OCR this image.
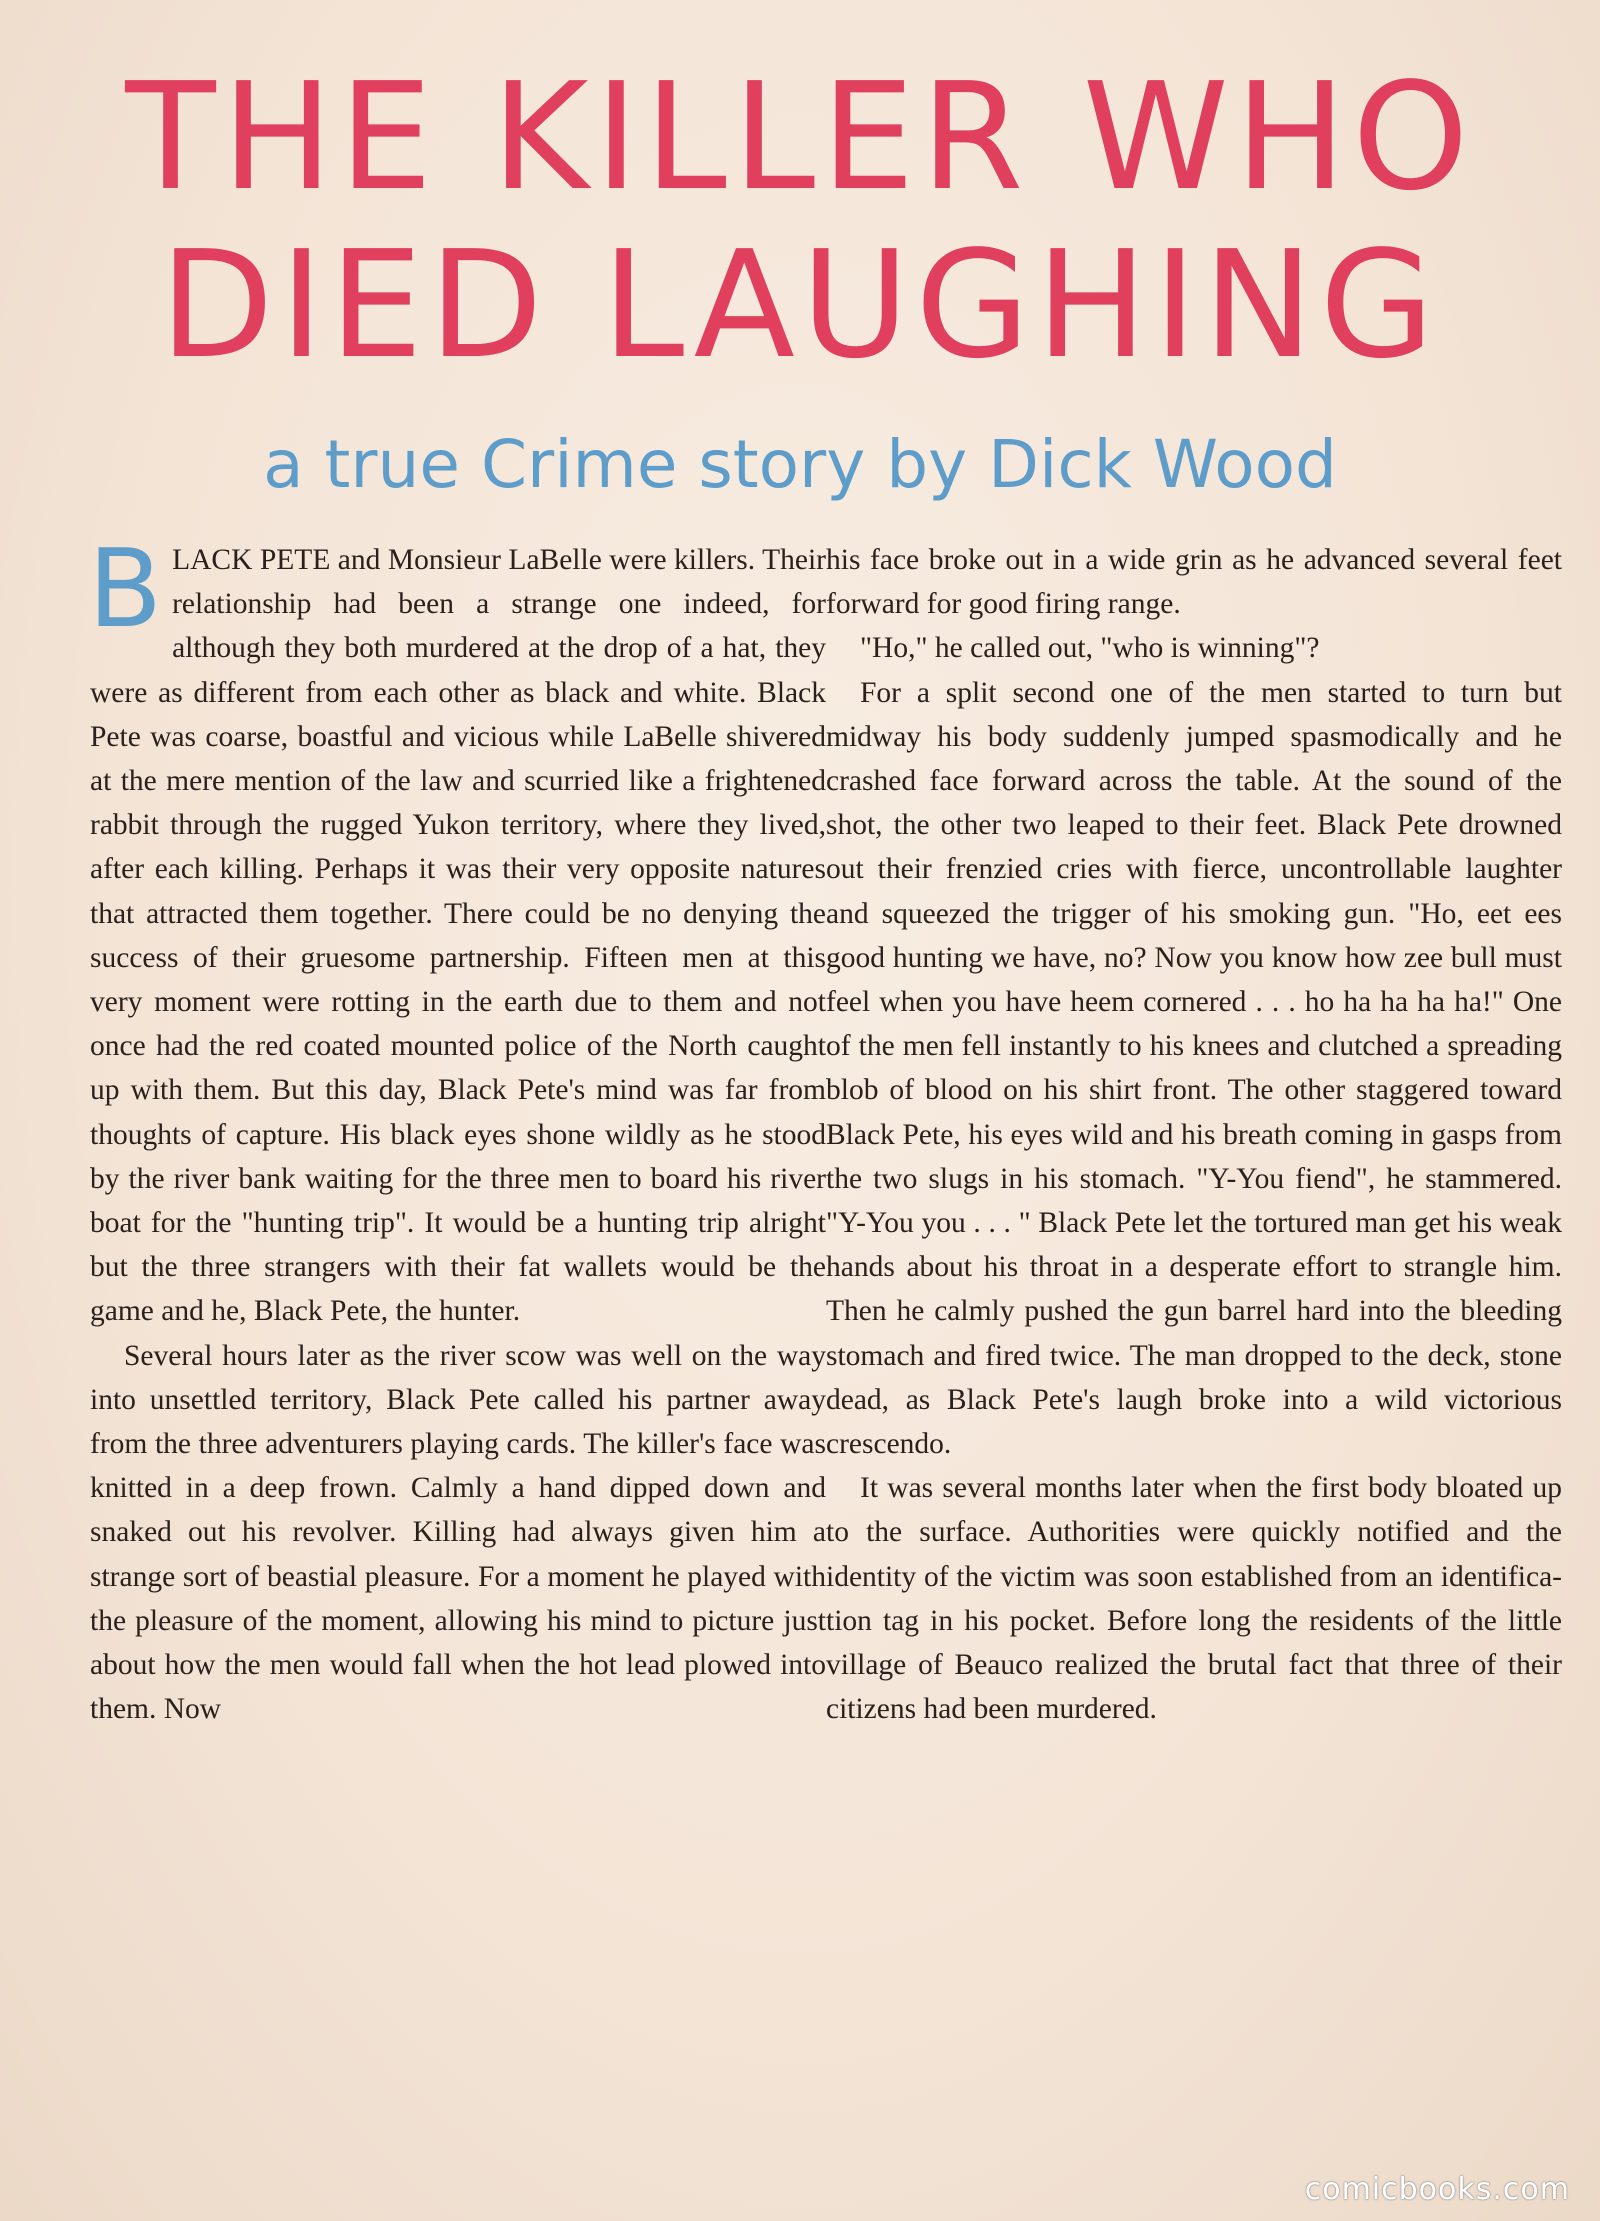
THE KILLER WHO
DIED LAUGHING
a true Crime story by Dick Wood

BLACK PETE and Monsieur LaBelle were killers. Their relationship had been a strange one indeed, for although they both murdered at the drop of a hat, they were as different from each other as black and white. Black Pete was coarse, boastful and vicious while LaBelle shivered at the mere mention of the law and scurried like a frightened rabbit through the rugged Yukon territory, where they lived, after each killing. Perhaps it was their very opposite natures that attracted them together. There could be no denying the success of their gruesome partnership. Fifteen men at this very moment were rotting in the earth due to them and not once had the red coated mounted police of the North caught up with them. But this day, Black Pete's mind was far from thoughts of capture. His black eyes shone wildly as he stood by the river bank waiting for the three men to board his river boat for the "hunting trip". It would be a hunting trip alright but the three strangers with their fat wallets would be the game and he, Black Pete, the hunter.

Several hours later as the river scow was well on the way into unsettled territory, Black Pete called his partner away from the three adventurers playing cards. The killer's face was knitted in a deep frown. Calmly a hand dipped down and snaked out his revolver. Killing had always given him a strange sort of beastial pleasure. For a moment he played with the pleasure of the moment, allowing his mind to picture just about how the men would fall when the hot lead plowed into them. Now

his face broke out in a wide grin as he advanced several feet forward for good firing range.

"Ho," he called out, "who is winning"?

For a split second one of the men started to turn but midway his body suddenly jumped spasmodically and he crashed face forward across the table. At the sound of the shot, the other two leaped to their feet. Black Pete drowned out their frenzied cries with fierce, uncontrollable laughter and squeezed the trigger of his smoking gun. "Ho, eet ees good hunting we have, no? Now you know how zee bull must feel when you have heem cornered . . . ho ha ha ha ha!" One of the men fell instantly to his knees and clutched a spreading blob of blood on his shirt front. The other staggered toward Black Pete, his eyes wild and his breath coming in gasps from the two slugs in his stomach. "Y-You fiend", he stammered. "Y-You you . . . " Black Pete let the tortured man get his weak hands about his throat in a desperate effort to strangle him. Then he calmly pushed the gun barrel hard into the bleeding stomach and fired twice. The man dropped to the deck, stone dead, as Black Pete's laugh broke into a wild victorious crescendo.

It was several months later when the first body bloated up to the surface. Authorities were quickly notified and the identity of the victim was soon established from an identification tag in his pocket. Before long the residents of the little village of Beauco realized the brutal fact that three of their citizens had been murdered.

comicbooks.com
